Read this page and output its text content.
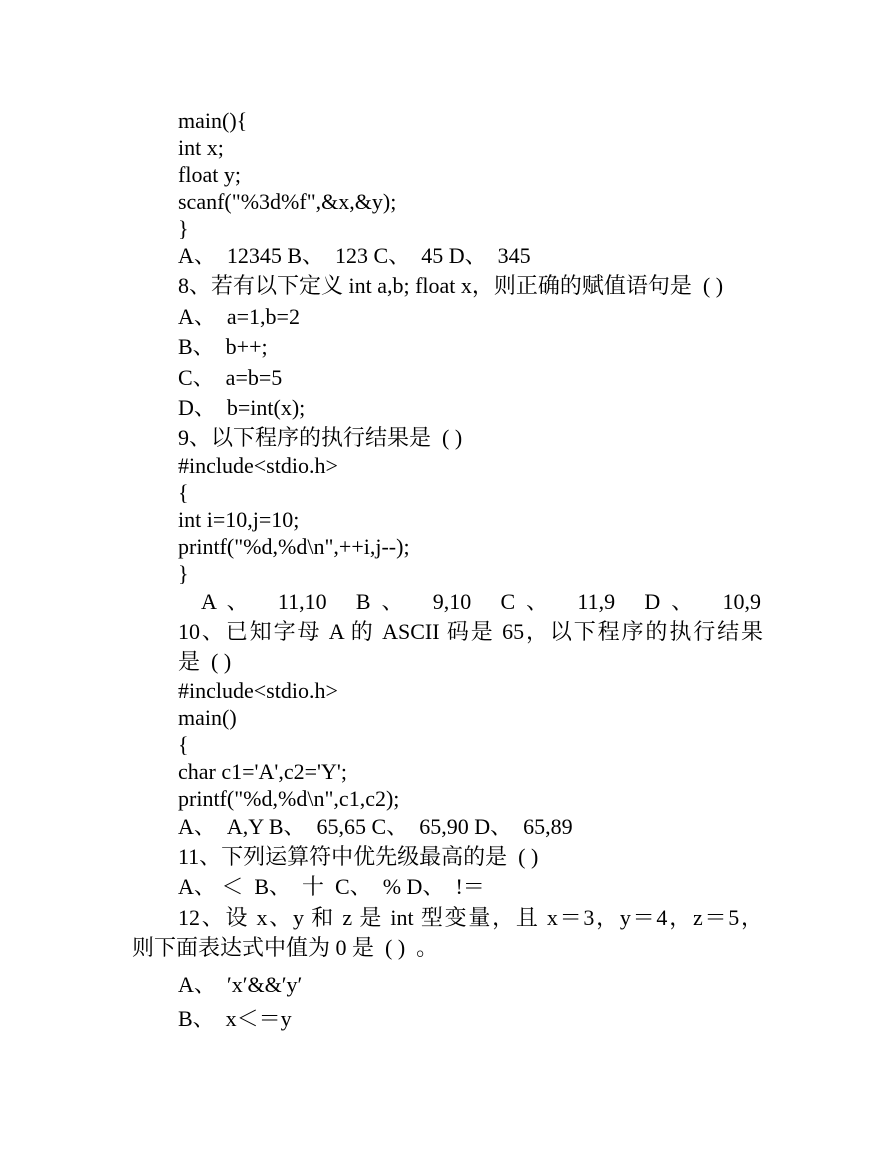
main(){
int x;
float y;
scanf("%3d%f",&x,&y);
}
A、  12345 B、  123 C、  45 D、  345
8、若有以下定义 int a,b; float x，则正确的赋值语句是  ( )
A、  a=1,b=2
B、  b++;
C、  a=b=5
D、  b=int(x);
9、以下程序的执行结果是  ( )
#include<stdio.h>
{
int i=10,j=10;
printf("%d,%d\n",++i,j--);
}
A  、 11,10 B  、 9,10 C  、 11,9 D  、 10,9
10、已知字母 A 的 ASCII 码是 65，以下程序的执行结果
是  ( )
#include<stdio.h>
main()
{
char c1='A',c2='Y';
printf("%d,%d\n",c1,c2);
A、  A,Y B、  65,65 C、  65,90 D、  65,89
11、下列运算符中优先级最高的是  ( )
A、 ＜  B、  十  C、  % D、  !＝
12、设 x、y 和 z 是 int 型变量，且 x＝3，y＝4，z＝5，
则下面表达式中值为 0 是  ( )  。
A、  ′x′&&′y′
B、  x＜＝y
